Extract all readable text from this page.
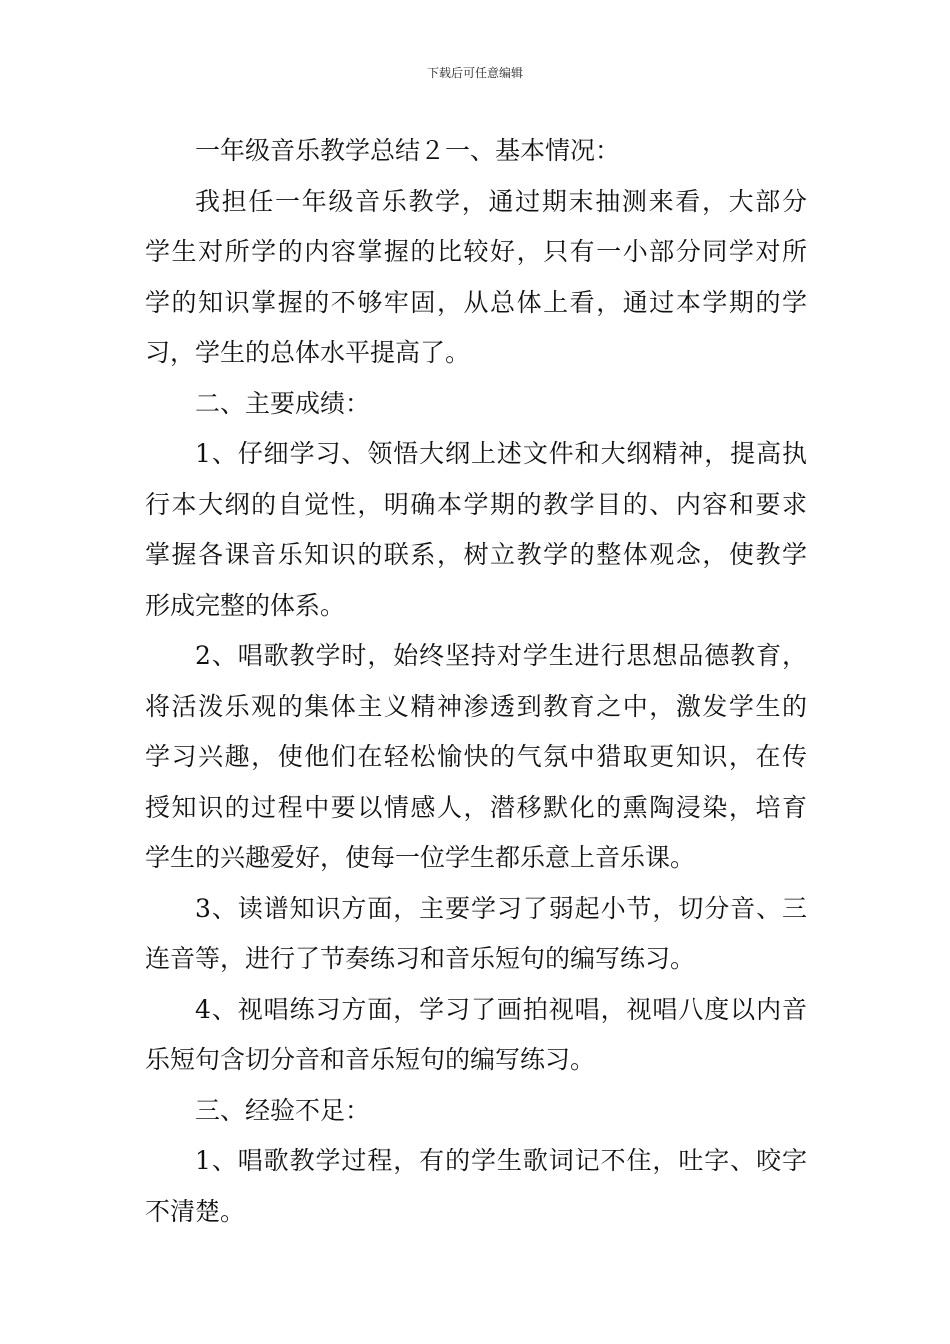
下载后可任意编辑
一年级音乐教学总结２一、基本情况：
我担任一年级音乐教学，通过期末抽测来看，大部分
学生对所学的内容掌握的比较好，只有一小部分同学对所
学的知识掌握的不够牢固，从总体上看，通过本学期的学
习，学生的总体水平提高了。
二、主要成绩：
1、仔细学习、领悟大纲上述文件和大纲精神，提高执
行本大纲的自觉性，明确本学期的教学目的、内容和要求
掌握各课音乐知识的联系，树立教学的整体观念，使教学
形成完整的体系。
2、唱歌教学时，始终坚持对学生进行思想品德教育，
将活泼乐观的集体主义精神渗透到教育之中，激发学生的
学习兴趣，使他们在轻松愉快的气氛中猎取更知识，在传
授知识的过程中要以情感人，潜移默化的熏陶浸染，培育
学生的兴趣爱好，使每一位学生都乐意上音乐课。
3、读谱知识方面，主要学习了弱起小节，切分音、三
连音等，进行了节奏练习和音乐短句的编写练习。
4、视唱练习方面，学习了画拍视唱，视唱八度以内音
乐短句含切分音和音乐短句的编写练习。
三、经验不足：
1、唱歌教学过程，有的学生歌词记不住，吐字、咬字
不清楚。
